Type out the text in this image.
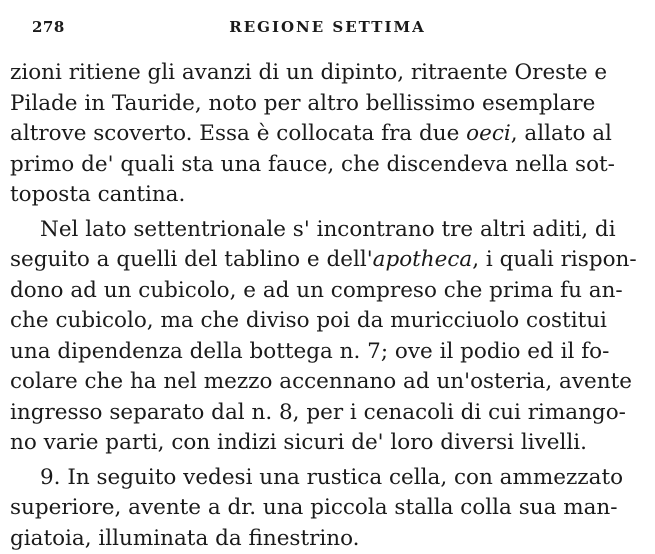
278	REGIONE SETTIMA
zioni ritiene gli avanzi di un dipinto, ritraente Oreste e
Pilade in Tauride, noto per altro bellissimo esemplare
altrove scoverto. Essa è collocata fra due oeci, allato al
primo de' quali sta una fauce, che discendeva nella sot-
toposta cantina.
Nel lato settentrionale s' incontrano tre altri aditi, di
seguito a quelli del tablino e dell'apotheca, i quali rispon-
dono ad un cubicolo, e ad un compreso che prima fu an-
che cubicolo, ma che diviso poi da muricciuolo costitui
una dipendenza della bottega n. 7; ove il podio ed il fo-
colare che ha nel mezzo accennano ad un'osteria, avente
ingresso separato dal n. 8, per i cenacoli di cui rimango-
no varie parti, con indizi sicuri de' loro diversi livelli.
9. In seguito vedesi una rustica cella, con ammezzato
superiore, avente a dr. una piccola stalla colla sua man-
giatoia, illuminata da finestrino.
